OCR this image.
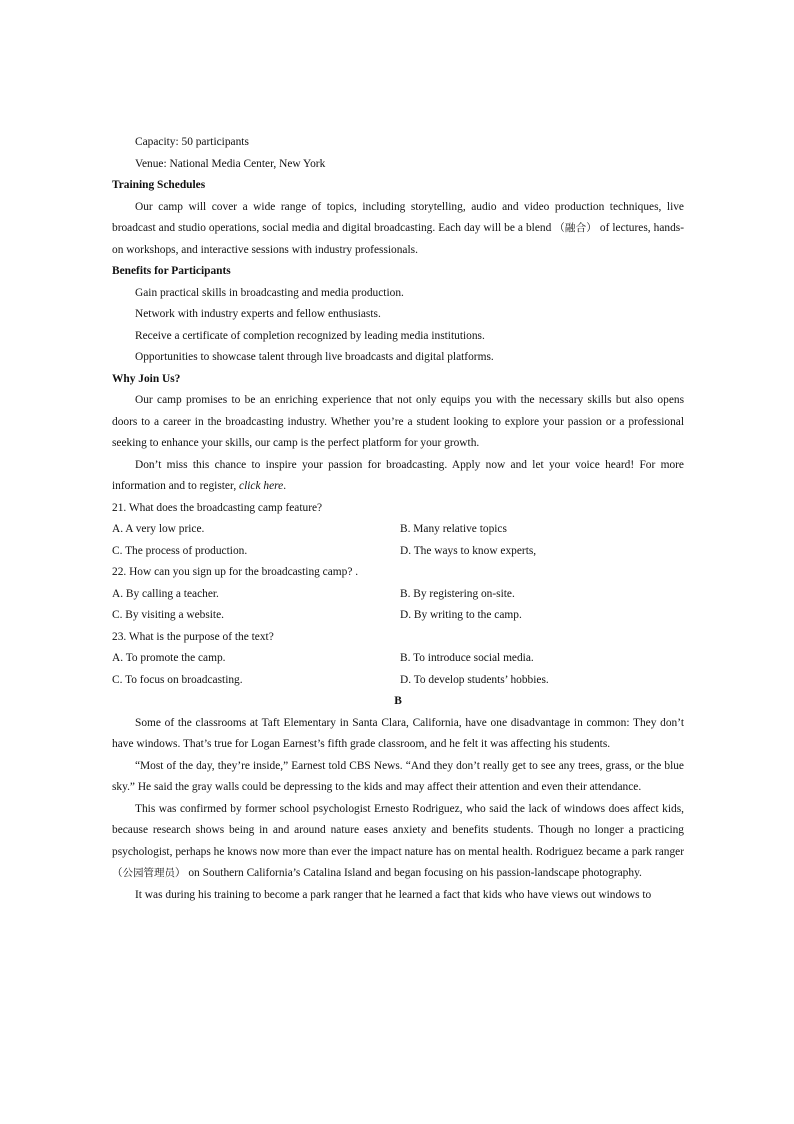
Capacity: 50 participants

Venue: National Media Center, New York

Training Schedules

Our camp will cover a wide range of topics, including storytelling, audio and video production techniques, live broadcast and studio operations, social media and digital broadcasting. Each day will be a blend （融合） of lectures, hands-on workshops, and interactive sessions with industry professionals.

Benefits for Participants

Gain practical skills in broadcasting and media production.

Network with industry experts and fellow enthusiasts.

Receive a certificate of completion recognized by leading media institutions.

Opportunities to showcase talent through live broadcasts and digital platforms.

Why Join Us?

Our camp promises to be an enriching experience that not only equips you with the necessary skills but also opens doors to a career in the broadcasting industry. Whether you’re a student looking to explore your passion or a professional seeking to enhance your skills, our camp is the perfect platform for your growth.

Don’t miss this chance to inspire your passion for broadcasting. Apply now and let your voice heard! For more information and to register, click here.

21. What does the broadcasting camp feature?

A. A very low price.	B. Many relative topics
C. The process of production.	D. The ways to know experts,

22. How can you sign up for the broadcasting camp? .

A. By calling a teacher.	B. By registering on-site.
C. By visiting a website.	D. By writing to the camp.

23. What is the purpose of the text?

A. To promote the camp.	B. To introduce social media.
C. To focus on broadcasting.	D. To develop students’ hobbies.

B

Some of the classrooms at Taft Elementary in Santa Clara, California, have one disadvantage in common: They don’t have windows. That’s true for Logan Earnest’s fifth grade classroom, and he felt it was affecting his students.

“Most of the day, they’re inside,” Earnest told CBS News. “And they don’t really get to see any trees, grass, or the blue sky.” He said the gray walls could be depressing to the kids and may affect their attention and even their attendance.

This was confirmed by former school psychologist Ernesto Rodriguez, who said the lack of windows does affect kids, because research shows being in and around nature eases anxiety and benefits students. Though no longer a practicing psychologist, perhaps he knows now more than ever the impact nature has on mental health. Rodriguez became a park ranger （公园管理员） on Southern California’s Catalina Island and began focusing on his passion-landscape photography.

It was during his training to become a park ranger that he learned a fact that kids who have views out windows to
